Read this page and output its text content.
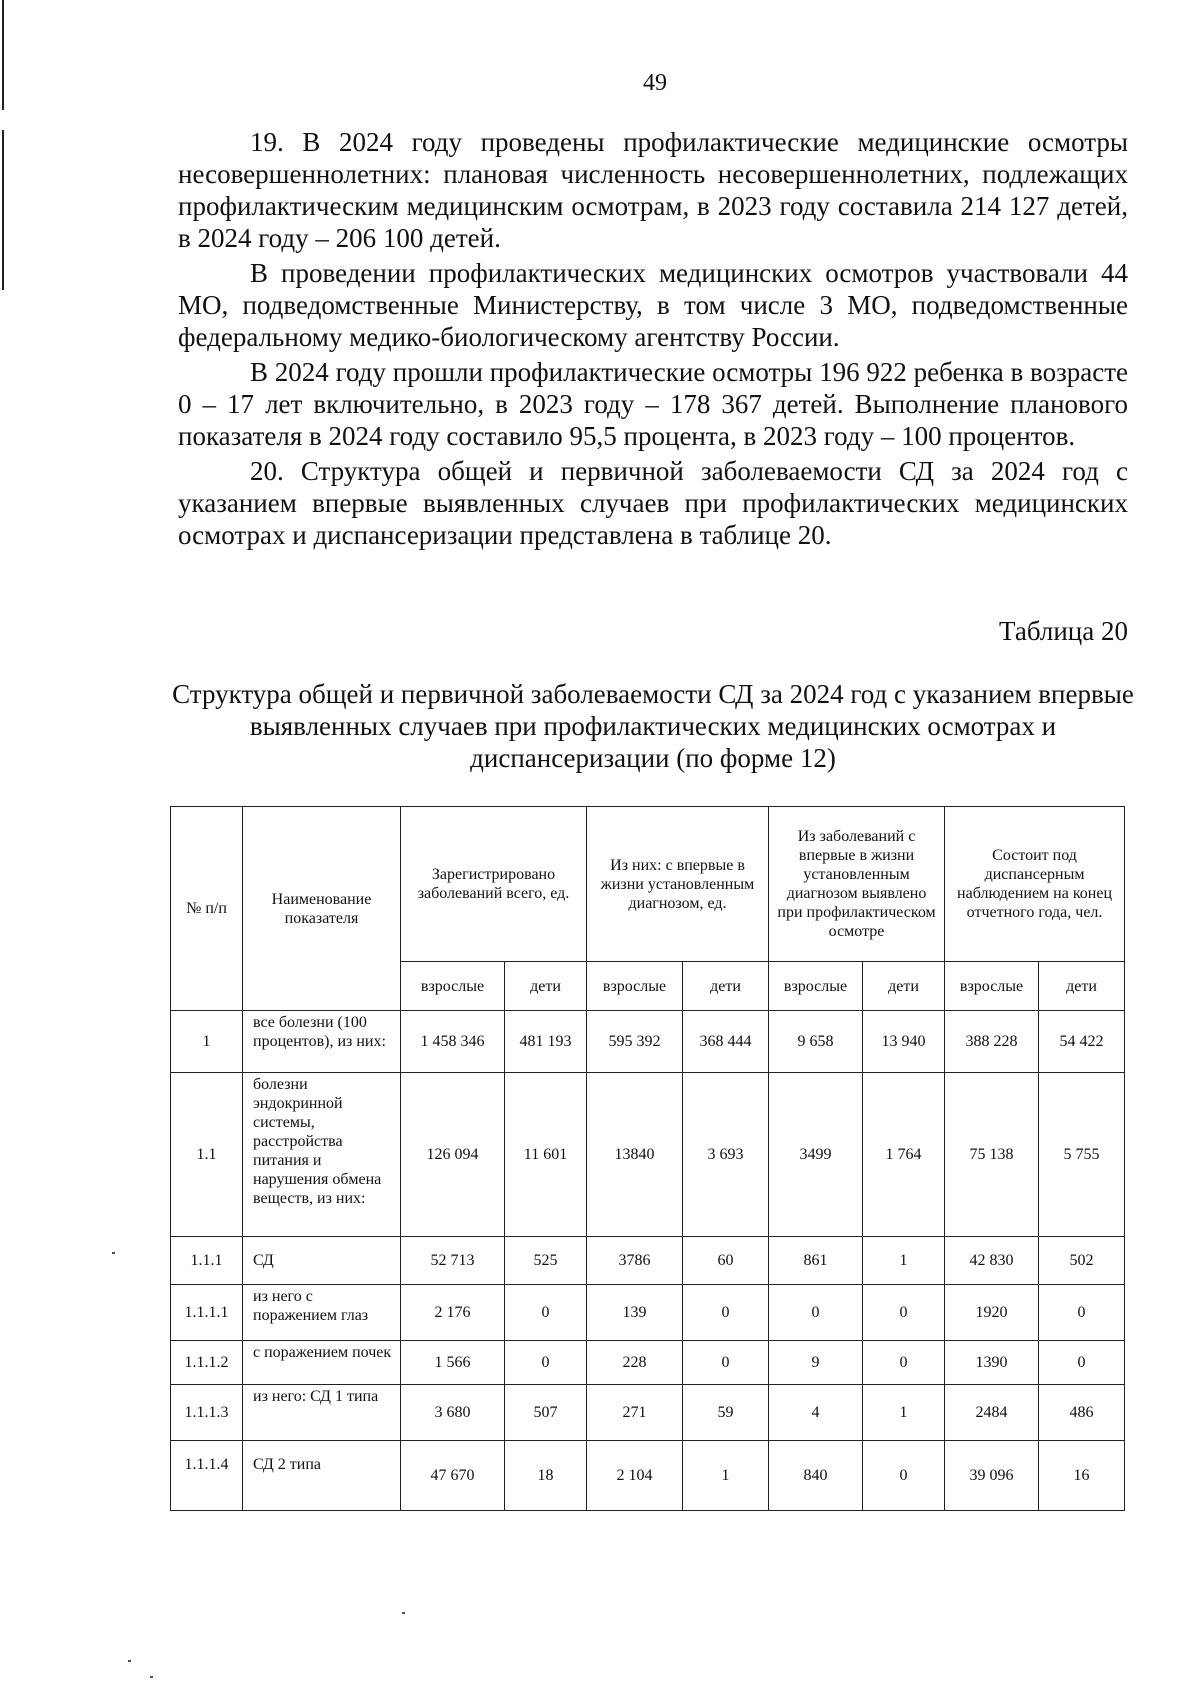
49

19. В 2024 году проведены профилактические медицинские осмотры несовершеннолетних: плановая численность несовершеннолетних, подлежащих профилактическим медицинским осмотрам, в 2023 году составила 214 127 детей, в 2024 году – 206 100 детей.

В проведении профилактических медицинских осмотров участвовали 44 МО, подведомственные Министерству, в том числе 3 МО, подведомственные федеральному медико-биологическому агентству России.

В 2024 году прошли профилактические осмотры 196 922 ребенка в возрасте 0 – 17 лет включительно, в 2023 году – 178 367 детей. Выполнение планового показателя в 2024 году составило 95,5 процента, в 2023 году – 100 процентов.

20. Структура общей и первичной заболеваемости СД за 2024 год с указанием впервые выявленных случаев при профилактических медицинских осмотрах и диспансеризации представлена в таблице 20.

Таблица 20
Структура общей и первичной заболеваемости СД за 2024 год с указанием впервые выявленных случаев при профилактических медицинских осмотрах и диспансеризации (по форме 12)
№ п/п	Наименование показателя	Зарегистрировано заболеваний всего, ед.		Из них: с впервые в жизни установленным диагнозом, ед.		Из заболеваний с впервые в жизни установленным диагнозом выявлено при профилактическом осмотре		Состоит под диспансерным наблюдением на конец отчетного года, чел.	
		взрослые	дети	взрослые	дети	взрослые	дети	взрослые	дети
1	все болезни (100 процентов), из них:	1 458 346	481 193	595 392	368 444	9 658	13 940	388 228	54 422
1.1	болезни эндокринной системы, расстройства питания и нарушения обмена веществ, из них:	126 094	11 601	13840	3 693	3499	1 764	75 138	5 755
1.1.1	СД	52 713	525	3786	60	861	1	42 830	502
1.1.1.1	из него с поражением глаз	2 176	0	139	0	0	0	1920	0
1.1.1.2	с поражением почек	1 566	0	228	0	9	0	1390	0
1.1.1.3	из него: СД 1 типа	3 680	507	271	59	4	1	2484	486
1.1.1.4	СД 2 типа	47 670	18	2 104	1	840	0	39 096	16
